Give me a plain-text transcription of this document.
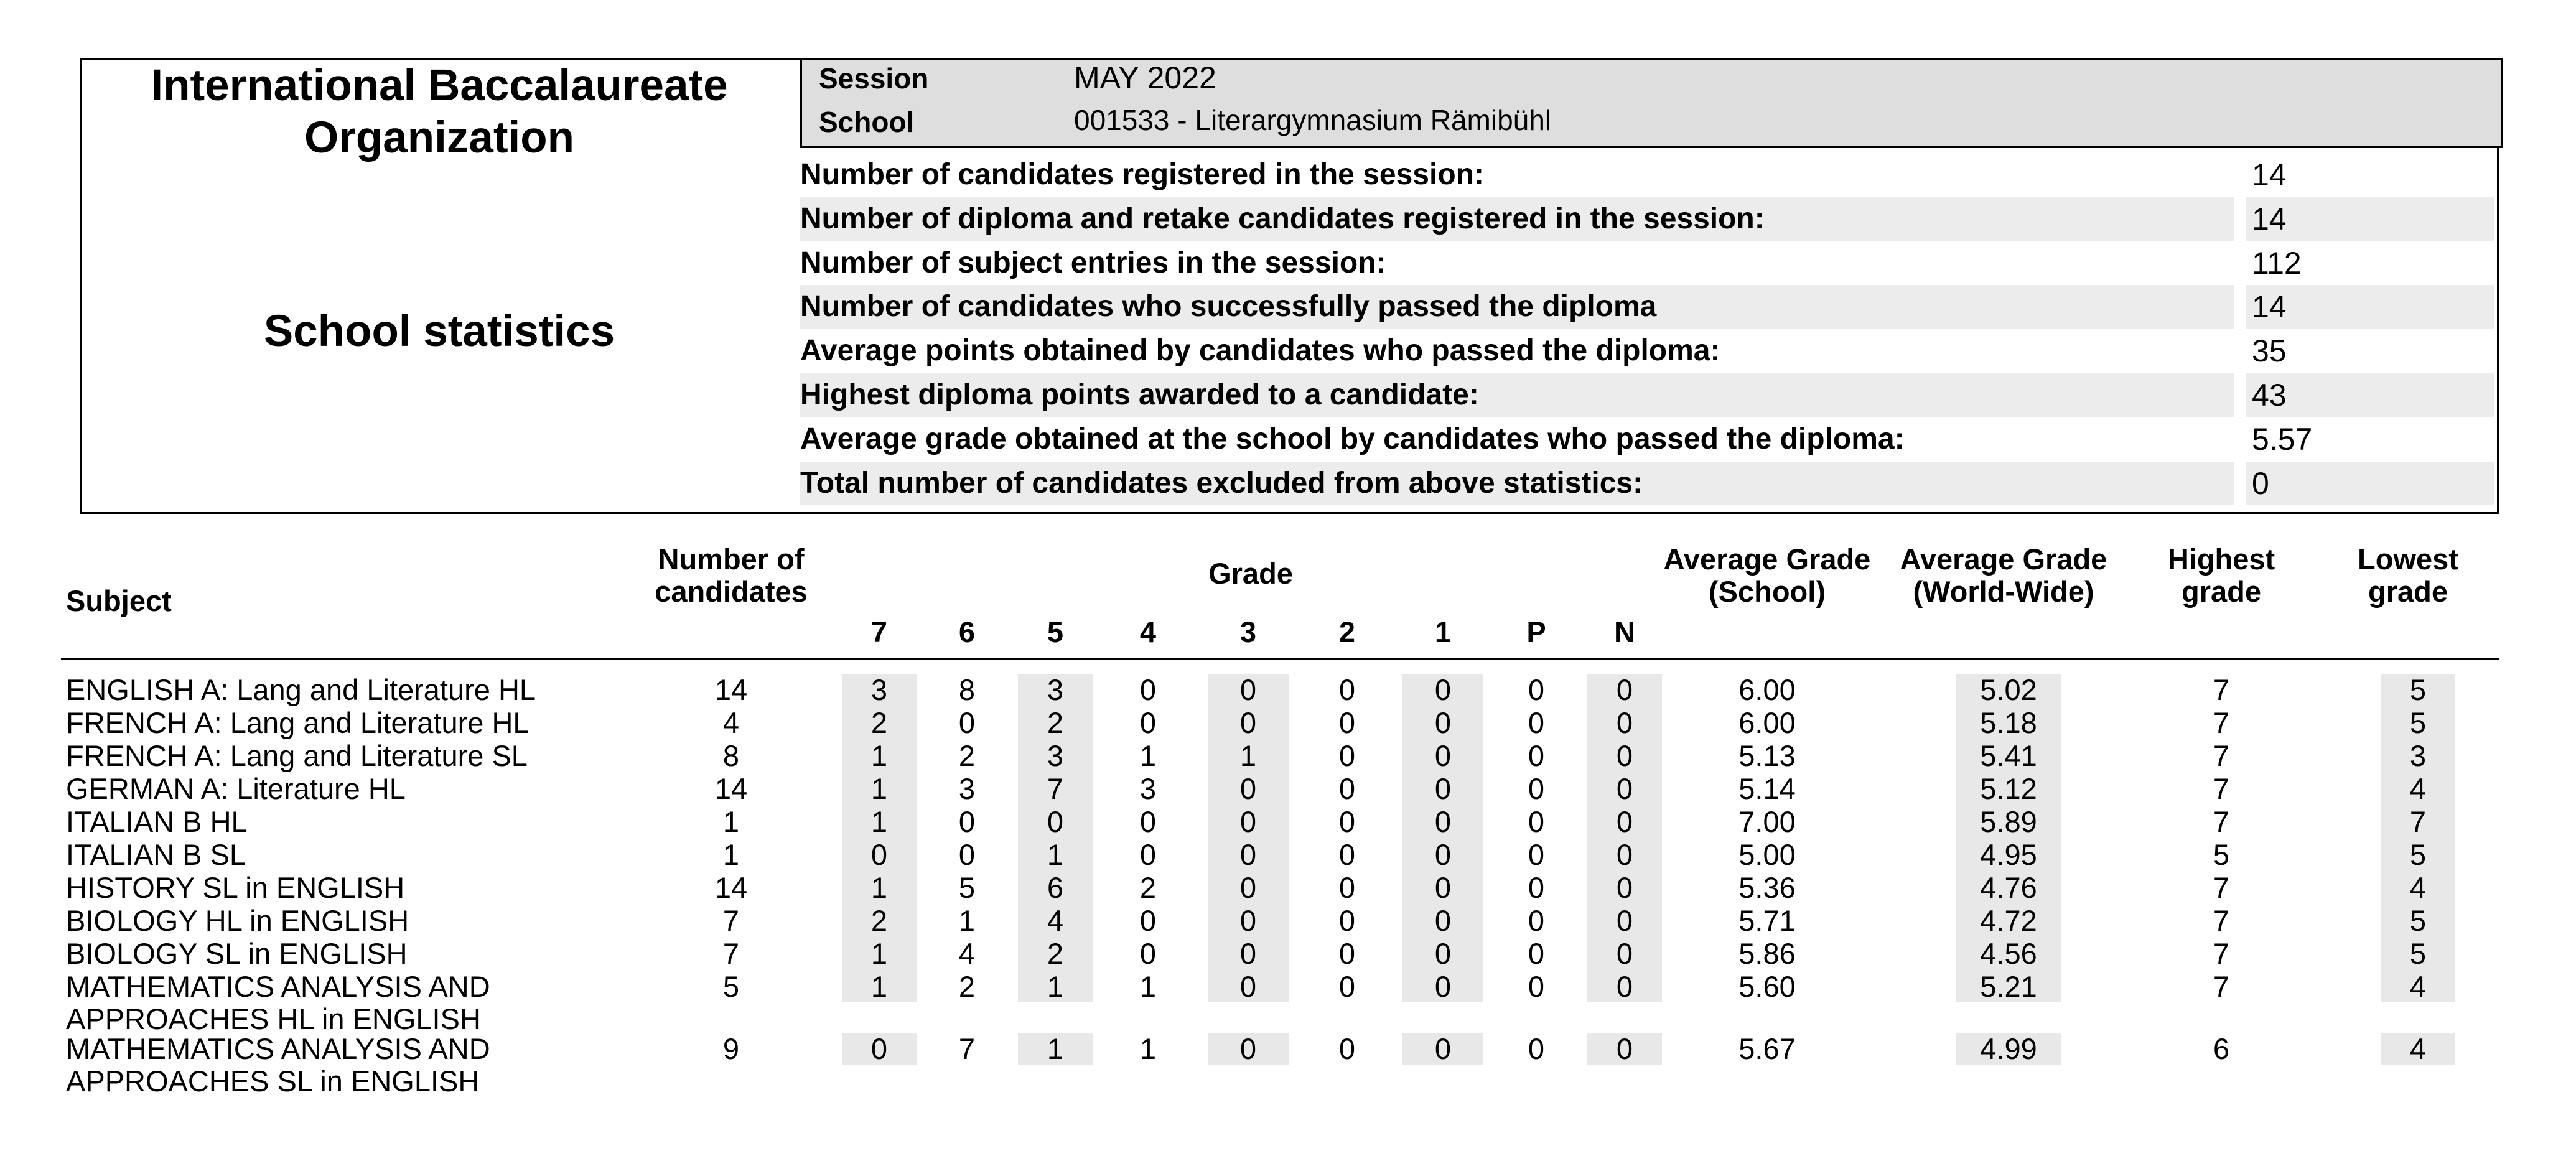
International Baccalaureate Organization
School statistics
Session	MAY 2022
School	001533 - Literargymnasium Rämibühl
Number of candidates registered in the session:	14
Number of diploma and retake candidates registered in the session:	14
Number of subject entries in the session:	112
Number of candidates who successfully passed the diploma	14
Average points obtained by candidates who passed the diploma:	35
Highest diploma points awarded to a candidate:	43
Average grade obtained at the school by candidates who passed the diploma:	5.57
Total number of candidates excluded from above statistics:	0
Subject
Number of
candidates
Grade
7	6	5	4	3	2	1	P	N
Average Grade
(School)
Average Grade
(World-Wide)
Highest
grade
Lowest
grade
ENGLISH A: Lang and Literature HL	14	3	8	3	0	0	0	0	0	0	6.00	5.02	7	5
FRENCH A: Lang and Literature HL	4	2	0	2	0	0	0	0	0	0	6.00	5.18	7	5
FRENCH A: Lang and Literature SL	8	1	2	3	1	1	0	0	0	0	5.13	5.41	7	3
GERMAN A: Literature HL	14	1	3	7	3	0	0	0	0	0	5.14	5.12	7	4
ITALIAN B HL	1	1	0	0	0	0	0	0	0	0	7.00	5.89	7	7
ITALIAN B SL	1	0	0	1	0	0	0	0	0	0	5.00	4.95	5	5
HISTORY SL in ENGLISH	14	1	5	6	2	0	0	0	0	0	5.36	4.76	7	4
BIOLOGY HL in ENGLISH	7	2	1	4	0	0	0	0	0	0	5.71	4.72	7	5
BIOLOGY SL in ENGLISH	7	1	4	2	0	0	0	0	0	0	5.86	4.56	7	5
MATHEMATICS ANALYSIS AND
APPROACHES HL in ENGLISH
5	1	2	1	1	0	0	0	0	0	5.60	5.21	7	4
MATHEMATICS ANALYSIS AND
APPROACHES SL in ENGLISH
9	0	7	1	1	0	0	0	0	0	5.67	4.99	6	4
